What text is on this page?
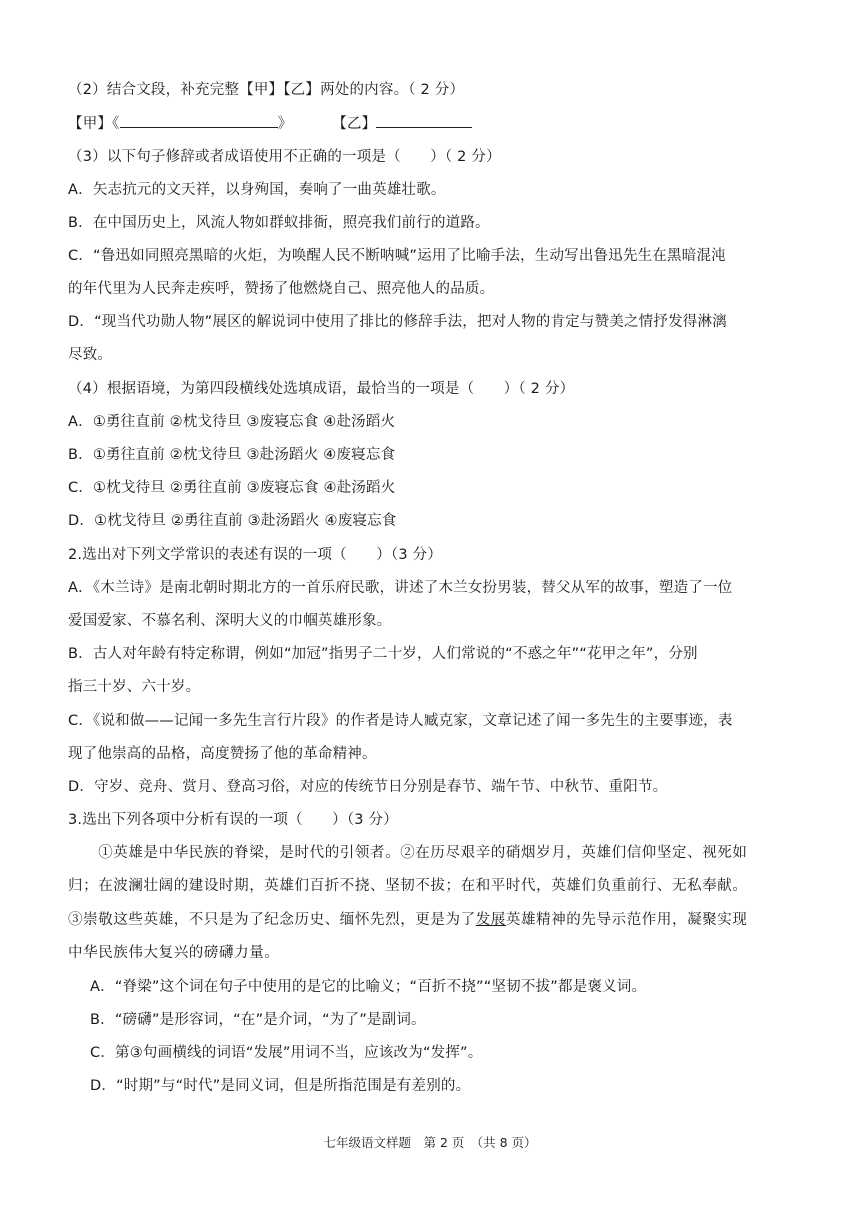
（2）结合文段，补充完整【甲】【乙】两处的内容。（ 2 分）
【甲】《	》	【乙】
（3）以下句子修辞或者成语使用不正确的一项是（　　）（ 2 分）
A．矢志抗元的文天祥，以身殉国，奏响了一曲英雄壮歌。
B．在中国历史上，风流人物如群蚁排衙，照亮我们前行的道路。
C．“鲁迅如同照亮黑暗的火炬，为唤醒人民不断呐喊”运用了比喻手法，生动写出鲁迅先生在黑暗混沌
的年代里为人民奔走疾呼，赞扬了他燃烧自己、照亮他人的品质。
D．“现当代功勋人物”展区的解说词中使用了排比的修辞手法，把对人物的肯定与赞美之情抒发得淋漓
尽致。
（4）根据语境，为第四段横线处选填成语，最恰当的一项是（　　）（ 2 分）
A．①勇往直前 ②枕戈待旦 ③废寝忘食 ④赴汤蹈火
B．①勇往直前 ②枕戈待旦 ③赴汤蹈火 ④废寝忘食
C．①枕戈待旦 ②勇往直前 ③废寝忘食 ④赴汤蹈火
D．①枕戈待旦 ②勇往直前 ③赴汤蹈火 ④废寝忘食
2.选出对下列文学常识的表述有误的一项（　　）（3 分）
A．《木兰诗》是南北朝时期北方的一首乐府民歌，讲述了木兰女扮男装，替父从军的故事，塑造了一位
爱国爱家、不慕名利、深明大义的巾帼英雄形象。
B．古人对年龄有特定称谓，例如“加冠”指男子二十岁，人们常说的“不惑之年”“花甲之年”，分别
指三十岁、六十岁。
C．《说和做——记闻一多先生言行片段》的作者是诗人臧克家，文章记述了闻一多先生的主要事迹，表
现了他崇高的品格，高度赞扬了他的革命精神。
D．守岁、竞舟、赏月、登高习俗，对应的传统节日分别是春节、端午节、中秋节、重阳节。
3.选出下列各项中分析有误的一项（　　）（3 分）
　　①英雄是中华民族的脊梁，是时代的引领者。②在历尽艰辛的硝烟岁月，英雄们信仰坚定、视死如
归；在波澜壮阔的建设时期，英雄们百折不挠、坚韧不拔；在和平时代，英雄们负重前行、无私奉献。
③崇敬这些英雄，不只是为了纪念历史、缅怀先烈，更是为了发展英雄精神的先导示范作用，凝聚实现
中华民族伟大复兴的磅礴力量。
A．“脊梁”这个词在句子中使用的是它的比喻义；“百折不挠”“坚韧不拔”都是褒义词。
B．“磅礴”是形容词，“在”是介词，“为了”是副词。
C．第③句画横线的词语“发展”用词不当，应该改为“发挥”。
D．“时期”与“时代”是同义词，但是所指范围是有差别的。
七年级语文样题　第 2 页　（共 8 页）
